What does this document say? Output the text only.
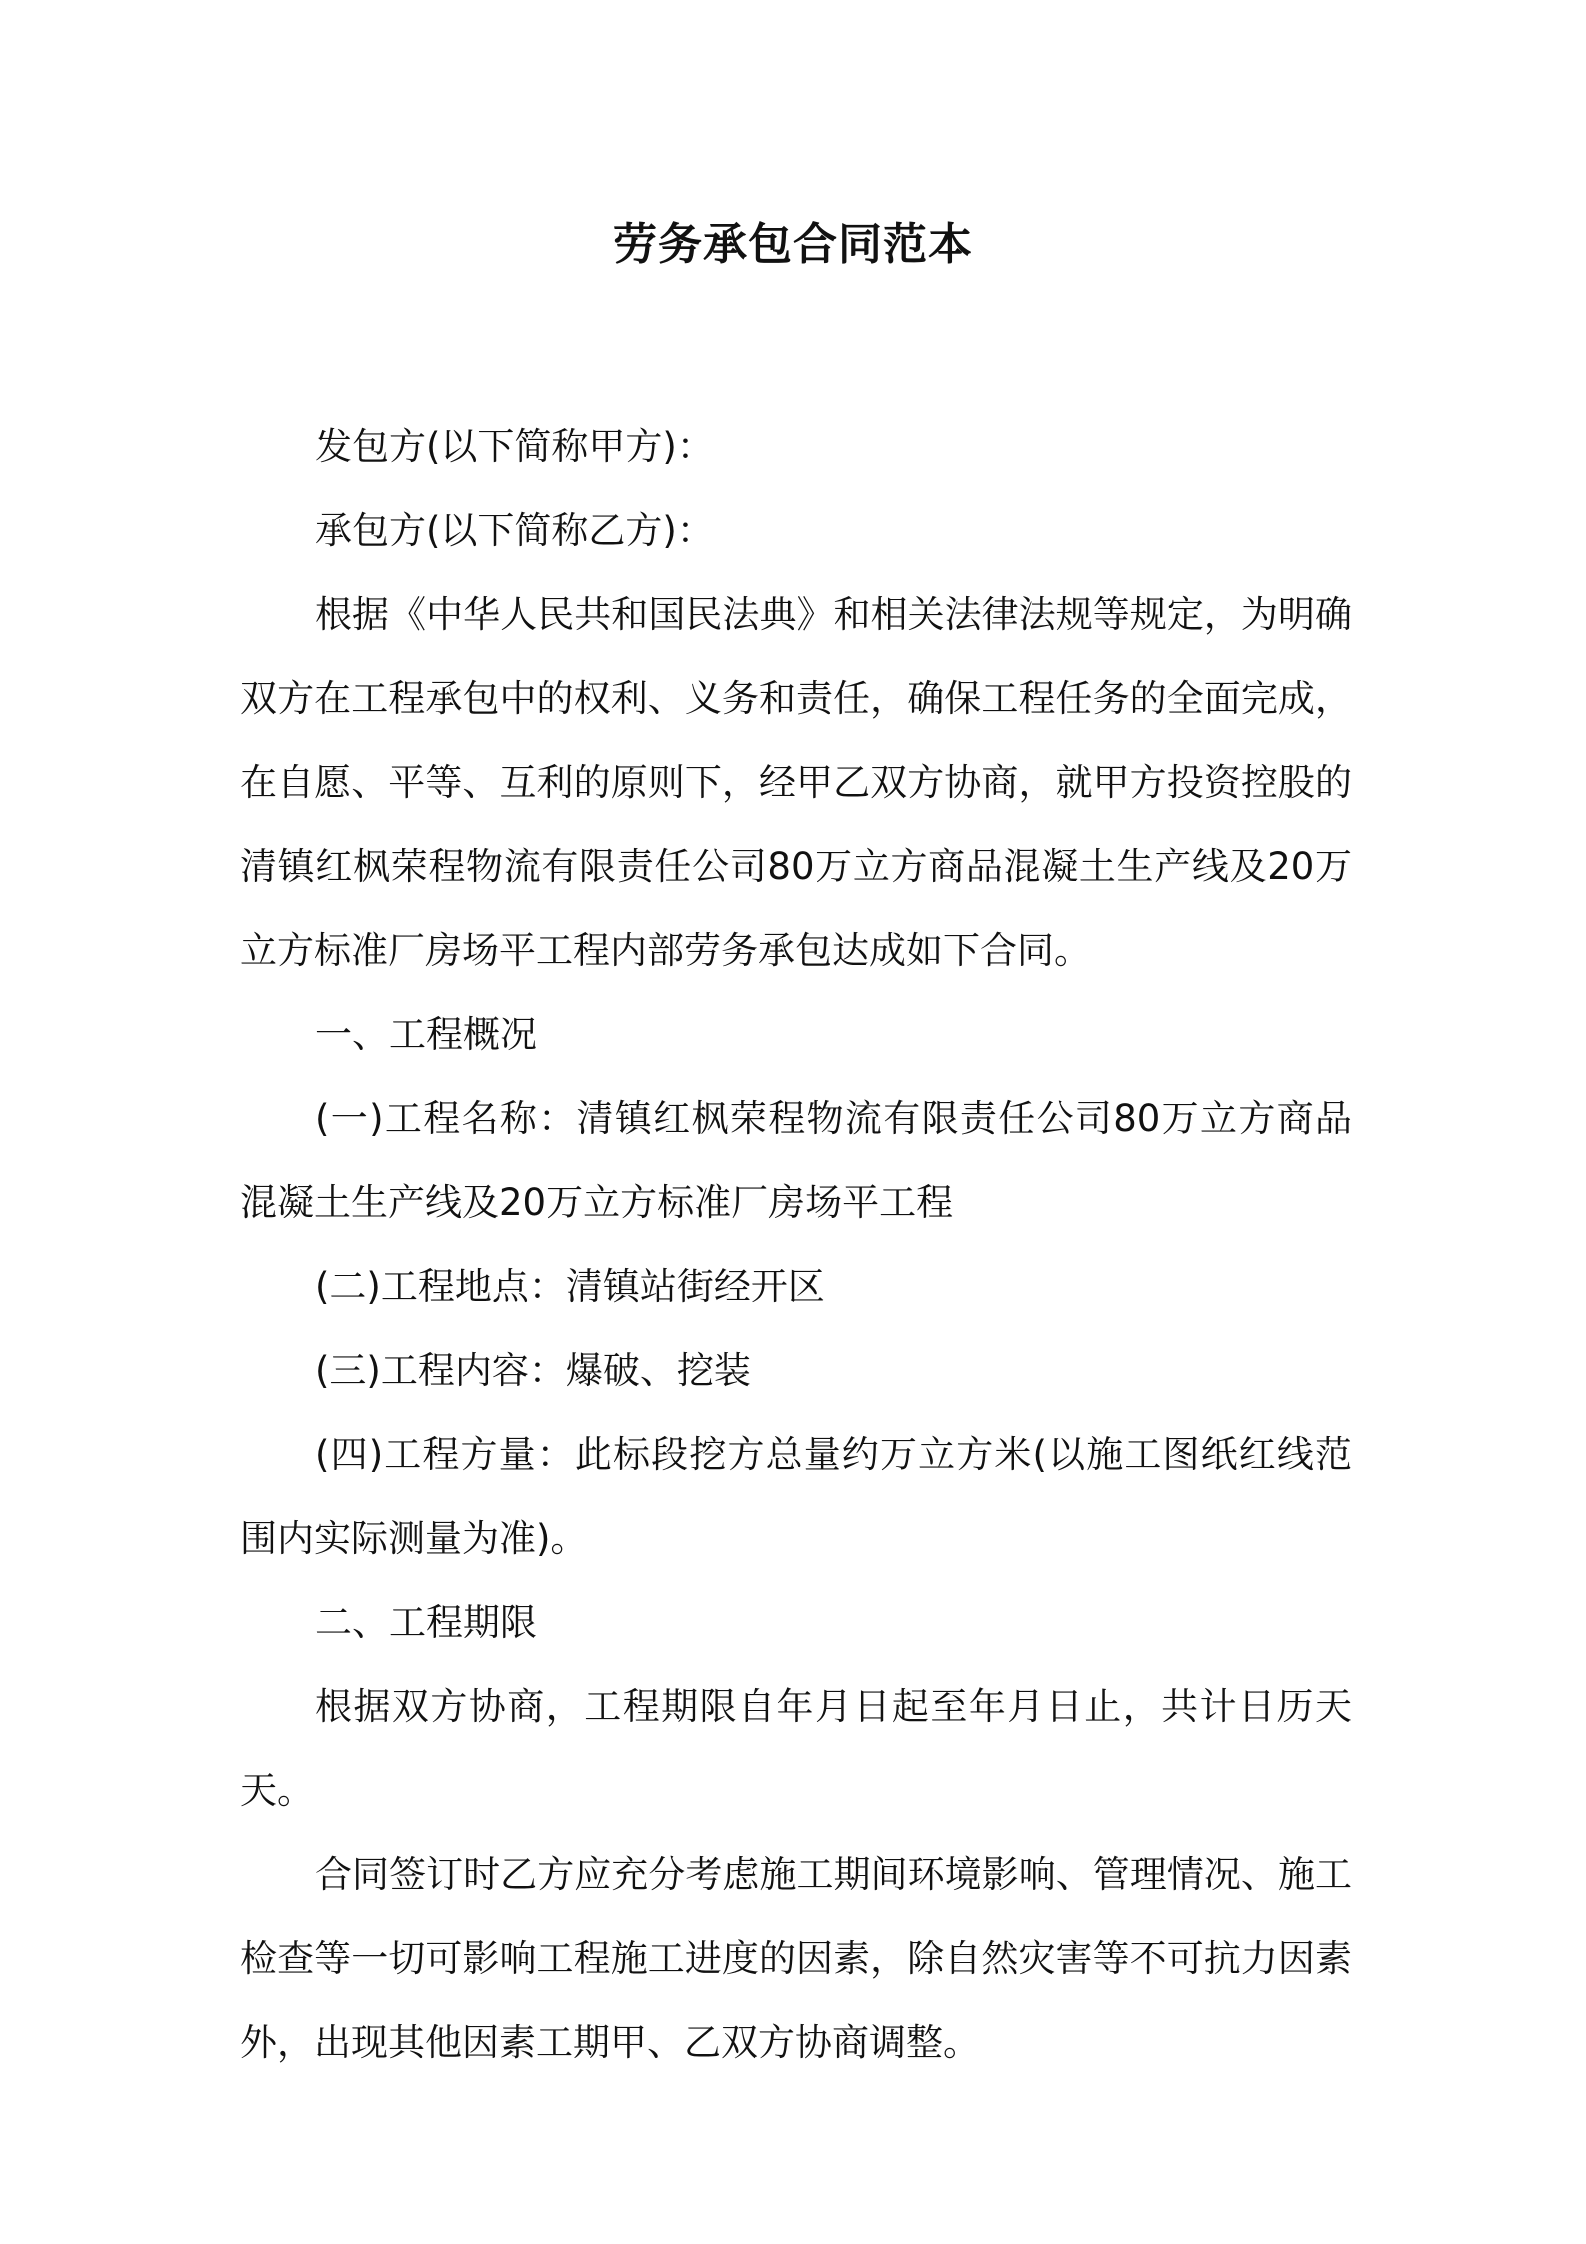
劳务承包合同范本

发包方(以下简称甲方)：

承包方(以下简称乙方)：

根据《中华人民共和国民法典》和相关法律法规等规定，为明确双方在工程承包中的权利、义务和责任，确保工程任务的全面完成，在自愿、平等、互利的原则下，经甲乙双方协商，就甲方投资控股的清镇红枫荣程物流有限责任公司80万立方商品混凝土生产线及20万立方标准厂房场平工程内部劳务承包达成如下合同。

一、工程概况

(一)工程名称：清镇红枫荣程物流有限责任公司80万立方商品混凝土生产线及20万立方标准厂房场平工程

(二)工程地点：清镇站街经开区

(三)工程内容：爆破、挖装

(四)工程方量：此标段挖方总量约万立方米(以施工图纸红线范围内实际测量为准)。

二、工程期限

根据双方协商，工程期限自年月日起至年月日止，共计日历天天。

合同签订时乙方应充分考虑施工期间环境影响、管理情况、施工检查等一切可影响工程施工进度的因素，除自然灾害等不可抗力因素外，出现其他因素工期甲、乙双方协商调整。
